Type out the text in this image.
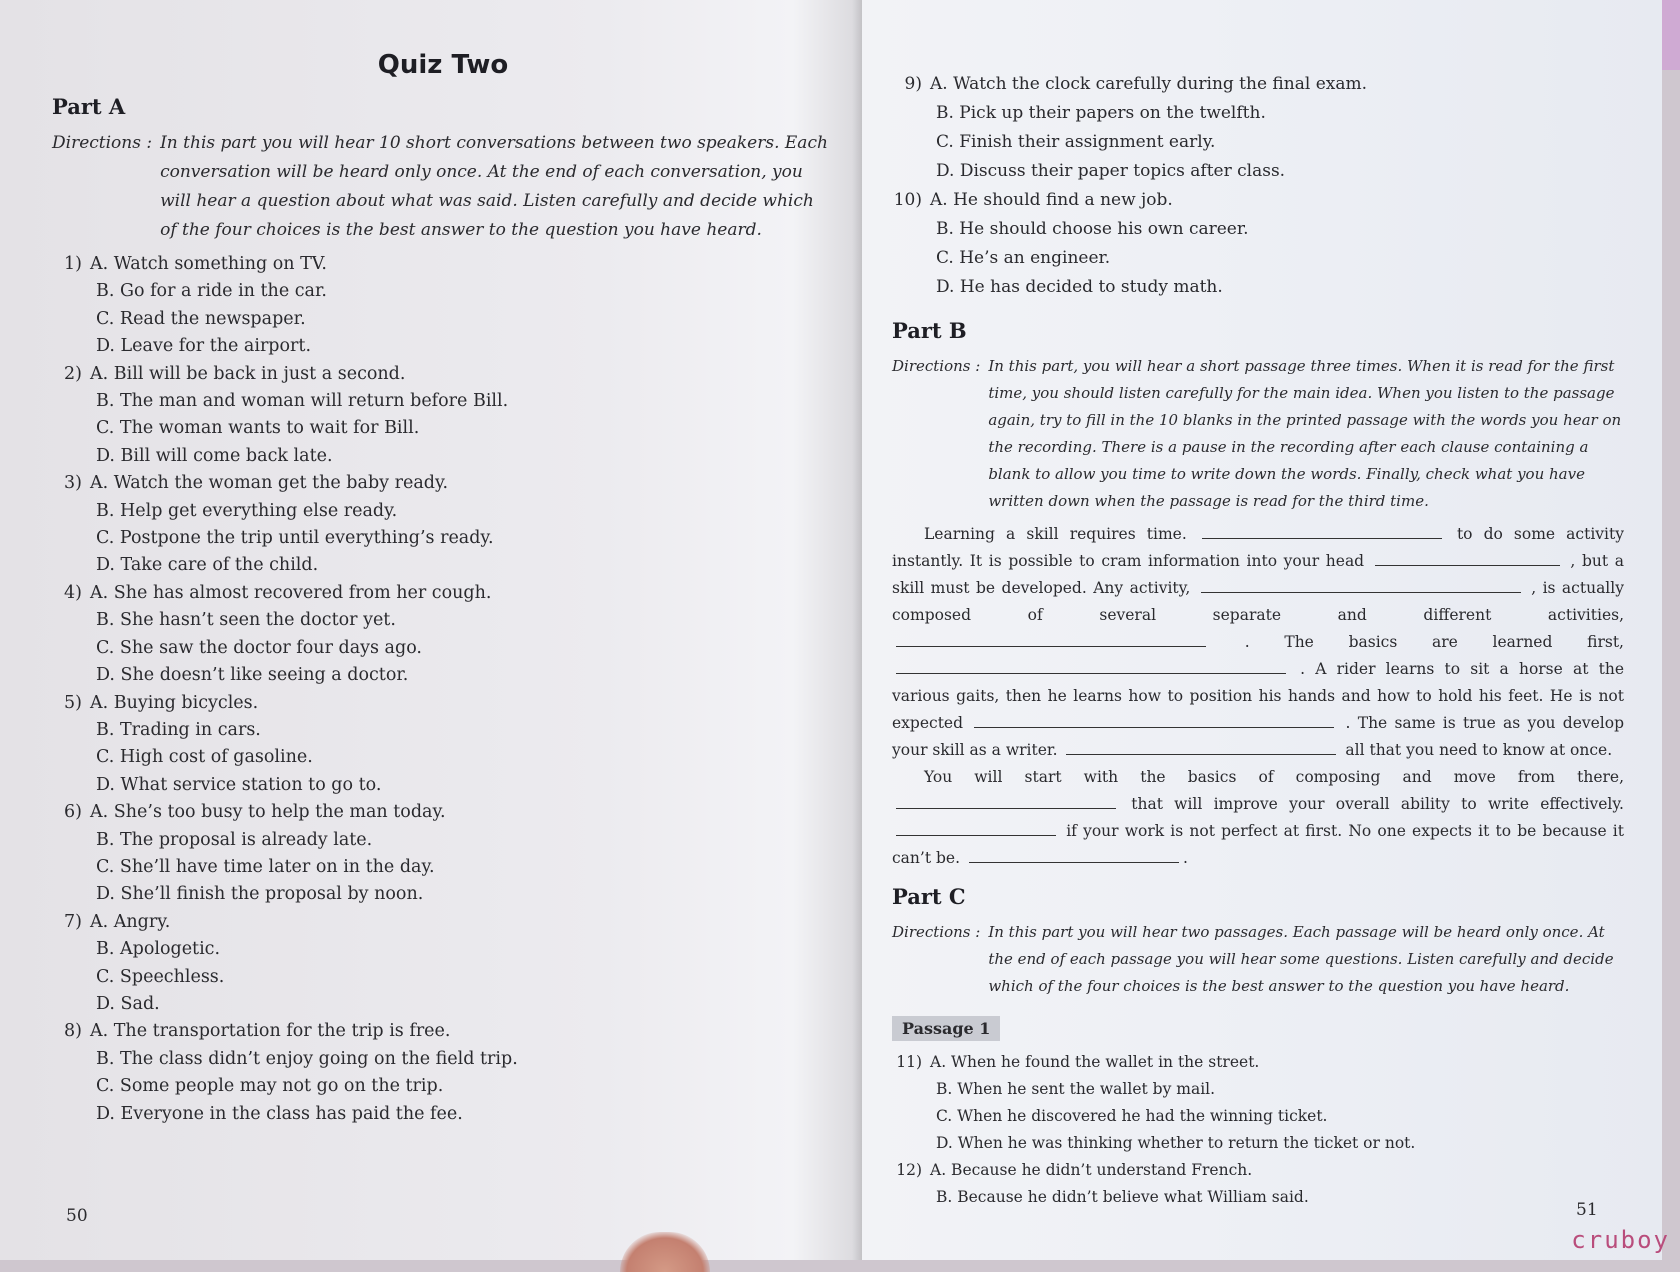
Quiz Two
Part A
Directions : In this part you will hear 10 short conversations between two speakers. Each conversation will be heard only once. At the end of each conversation, you will hear a question about what was said. Listen carefully and decide which of the four choices is the best answer to the question you have heard.
1) A. Watch something on TV.
B. Go for a ride in the car.
C. Read the newspaper.
D. Leave for the airport.
2) A. Bill will be back in just a second.
B. The man and woman will return before Bill.
C. The woman wants to wait for Bill.
D. Bill will come back late.
3) A. Watch the woman get the baby ready.
B. Help get everything else ready.
C. Postpone the trip until everything’s ready.
D. Take care of the child.
4) A. She has almost recovered from her cough.
B. She hasn’t seen the doctor yet.
C. She saw the doctor four days ago.
D. She doesn’t like seeing a doctor.
5) A. Buying bicycles.
B. Trading in cars.
C. High cost of gasoline.
D. What service station to go to.
6) A. She’s too busy to help the man today.
B. The proposal is already late.
C. She’ll have time later on in the day.
D. She’ll finish the proposal by noon.
7) A. Angry.
B. Apologetic.
C. Speechless.
D. Sad.
8) A. The transportation for the trip is free.
B. The class didn’t enjoy going on the field trip.
C. Some people may not go on the trip.
D. Everyone in the class has paid the fee.
50
9) A. Watch the clock carefully during the final exam.
B. Pick up their papers on the twelfth.
C. Finish their assignment early.
D. Discuss their paper topics after class.
10) A. He should find a new job.
B. He should choose his own career.
C. He’s an engineer.
D. He has decided to study math.
Part B
Directions : In this part, you will hear a short passage three times. When it is read for the first time, you should listen carefully for the main idea. When you listen to the passage again, try to fill in the 10 blanks in the printed passage with the words you hear on the recording. There is a pause in the recording after each clause containing a blank to allow you time to write down the words. Finally, check what you have written down when the passage is read for the third time.

Learning a skill requires time.	to do some activity instantly. It is possible to cram information into your head	, but a skill must be developed. Any activity,	, is actually composed of several separate and different activities,  . The basics are learned first,  . A rider learns to sit a horse at the various gaits, then he learns how to position his hands and how to hold his feet. He is not expected	. The same is true as you develop your skill as a writer.	all that you need to know at once.

You will start with the basics of composing and move from there,  that will improve your overall ability to write effectively.  if your work is not perfect at first. No one expects it to be because it can’t be.	.

Part C
Directions : In this part you will hear two passages. Each passage will be heard only once. At the end of each passage you will hear some questions. Listen carefully and decide which of the four choices is the best answer to the question you have heard.
Passage 1
11) A. When he found the wallet in the street.
B. When he sent the wallet by mail.
C. When he discovered he had the winning ticket.
D. When he was thinking whether to return the ticket or not.
12) A. Because he didn’t understand French.
B. Because he didn’t believe what William said.
51
cruboy
